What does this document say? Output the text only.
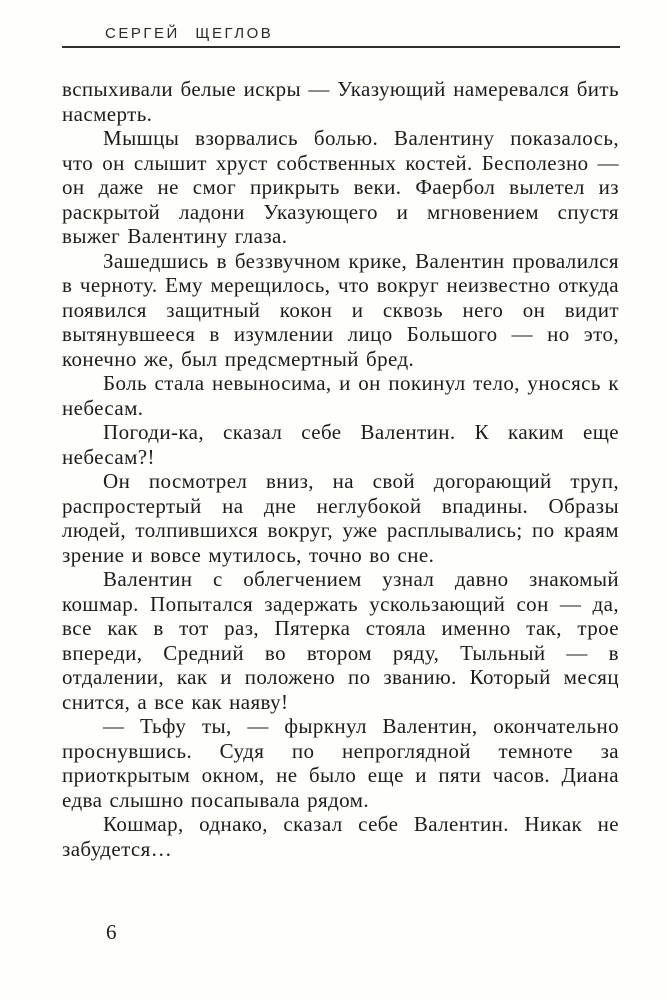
СЕРГЕЙ ЩЕГЛОВ

вспыхивали белые искры — Указующий намеревался бить насмерть.

Мышцы взорвались болью. Валентину показалось, что он слышит хруст собственных костей. Бесполезно — он даже не смог прикрыть веки. Фаербол вылетел из раскрытой ладони Указующего и мгновением спустя выжег Валентину глаза.

Зашедшись в беззвучном крике, Валентин провалился в черноту. Ему мерещилось, что вокруг неизвестно откуда появился защитный кокон и сквозь него он видит вытянувшееся в изумлении лицо Большого — но это, конечно же, был предсмертный бред.

Боль стала невыносима, и он покинул тело, уносясь к небесам.

Погоди-ка, сказал себе Валентин. К каким еще небесам?!

Он посмотрел вниз, на свой догорающий труп, распростертый на дне неглубокой впадины. Образы людей, толпившихся вокруг, уже расплывались; по краям зрение и вовсе мутилось, точно во сне.

Валентин с облегчением узнал давно знакомый кошмар. Попытался задержать ускользающий сон — да, все как в тот раз, Пятерка стояла именно так, трое впереди, Средний во втором ряду, Тыльный — в отдалении, как и положено по званию. Который месяц снится, а все как наяву!

— Тьфу ты, — фыркнул Валентин, окончательно проснувшись. Судя по непроглядной темноте за приоткрытым окном, не было еще и пяти часов. Диана едва слышно посапывала рядом.

Кошмар, однако, сказал себе Валентин. Никак не забудется…

6
